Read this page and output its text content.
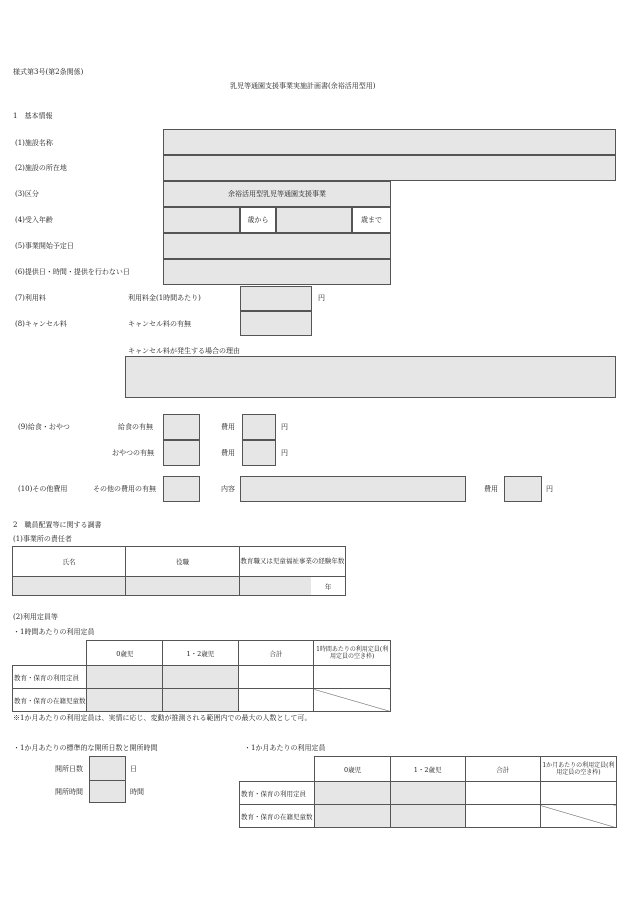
様式第3号(第2条関係)
乳児等通園支援事業実施計画書(余裕活用型用)
1　基本情報
(1)施設名称
(2)施設の所在地
(3)区分	余裕活用型乳児等通園支援事業
(4)受入年齢	歳から	歳まで
(5)事業開始予定日
(6)提供日・時間・提供を行わない日
(7)利用料	利用料金(1時間あたり)	円
(8)キャンセル料	キャンセル料の有無
キャンセル料が発生する場合の理由
(9)給食・おやつ	給食の有無	費用	円
おやつの有無	費用	円
(10)その他費用	その他の費用の有無	内容	費用	円
2　職員配置等に関する調書
(1)事業所の責任者
氏名	役職	教育職又は児童福祉事業の経験年数	
			年
(2)利用定員等
・1時間あたりの利用定員
	0歳児	1・2歳児	合計	1時間あたりの利用定員(利用定員の空き枠)
教育・保育の利用定員				
教育・保育の在籍児童数				
※1か月あたりの利用定員は、実情に応じ、変動が推測される範囲内での最大の人数として可。
・1か月あたりの標準的な開所日数と開所時間
開所日数	日
開所時間	時間
・1か月あたりの利用定員
	0歳児	1・2歳児	合計	1か月あたりの利用定員(利用定員の空き枠)
教育・保育の利用定員				
教育・保育の在籍児童数				
